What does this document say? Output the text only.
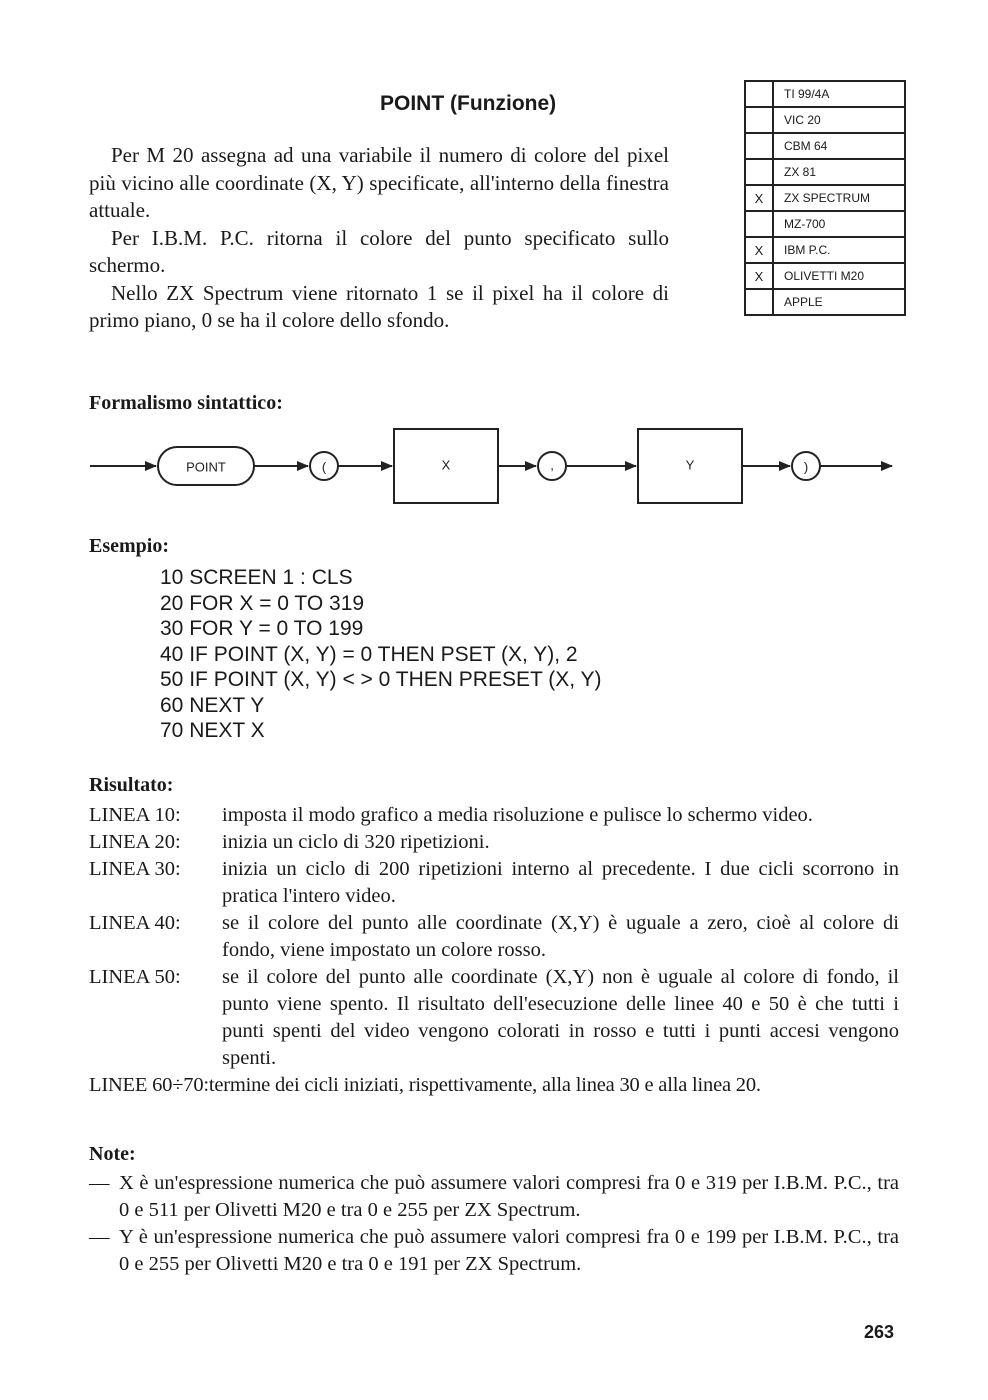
POINT (Funzione)

Per M 20 assegna ad una variabile il numero di colore del pixel più vicino alle coordinate (X, Y) specificate, all'interno della finestra attuale.

Per I.B.M. P.C. ritorna il colore del punto specificato sullo schermo.

Nello ZX Spectrum viene ritornato 1 se il pixel ha il colore di primo piano, 0 se ha il colore dello sfondo.

	TI 99/4A
	VIC 20
	CBM 64
	ZX 81
X	ZX SPECTRUM
	MZ-700
X	IBM P.C.
X	OLIVETTI M20
	APPLE
Formalismo sintattico:
POINT	(	X	,	Y	)
Esempio:
10 SCREEN 1 : CLS
20 FOR X = 0 TO 319
30 FOR Y = 0 TO 199
40 IF POINT (X, Y) = 0 THEN PSET (X, Y), 2
50 IF POINT (X, Y) < > 0 THEN PRESET (X, Y)
60 NEXT Y
70 NEXT X
Risultato:
LINEA 10:	imposta il modo grafico a media risoluzione e pulisce lo schermo video.
LINEA 20:	inizia un ciclo di 320 ripetizioni.
LINEA 30:	inizia un ciclo di 200 ripetizioni interno al precedente. I due cicli scorrono in pratica l'intero video.
LINEA 40:	se il colore del punto alle coordinate (X,Y) è uguale a zero, cioè al colore di fondo, viene impostato un colore rosso.
LINEA 50:	se il colore del punto alle coordinate (X,Y) non è uguale al colore di fondo, il punto viene spento. Il risultato dell'esecuzione delle linee 40 e 50 è che tutti i punti spenti del video vengono colorati in rosso e tutti i punti accesi vengono spenti.
LINEE 60÷70:termine dei cicli iniziati, rispettivamente, alla linea 30 e alla linea 20.
Note:
— X è un'espressione numerica che può assumere valori compresi fra 0 e 319 per I.B.M. P.C., tra 0 e 511 per Olivetti M20 e tra 0 e 255 per ZX Spectrum.
— Y è un'espressione numerica che può assumere valori compresi fra 0 e 199 per I.B.M. P.C., tra 0 e 255 per Olivetti M20 e tra 0 e 191 per ZX Spectrum.
263
